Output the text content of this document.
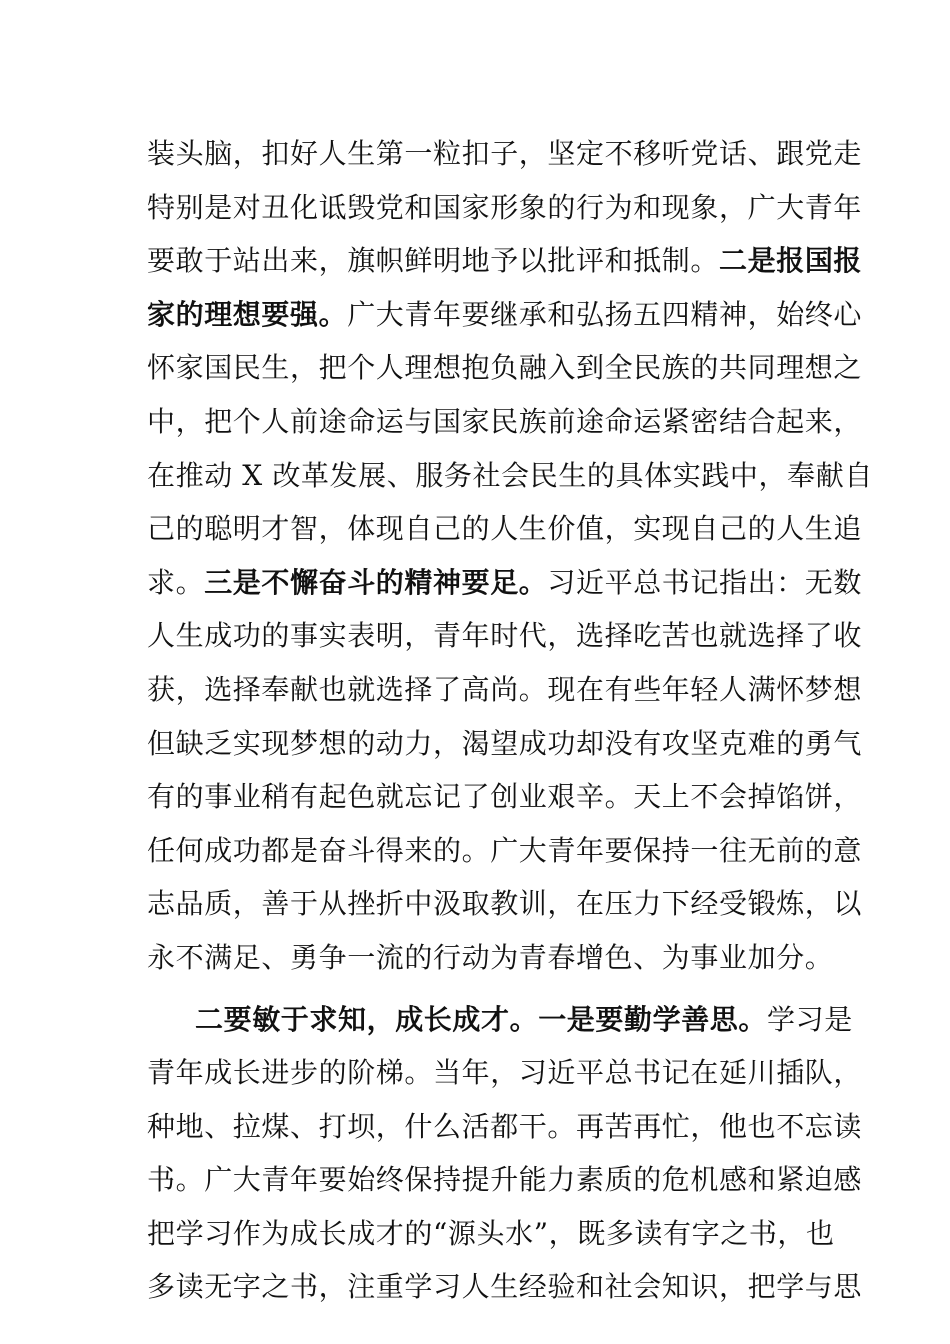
装头脑，扣好人生第一粒扣子，坚定不移听党话、跟党走
特别是对丑化诋毁党和国家形象的行为和现象，广大青年
要敢于站出来，旗帜鲜明地予以批评和抵制。二是报国报
家的理想要强。广大青年要继承和弘扬五四精神，始终心
怀家国民生，把个人理想抱负融入到全民族的共同理想之
中，把个人前途命运与国家民族前途命运紧密结合起来，
在推动 X 改革发展、服务社会民生的具体实践中，奉献自
己的聪明才智，体现自己的人生价值，实现自己的人生追
求。三是不懈奋斗的精神要足。习近平总书记指出：无数
人生成功的事实表明，青年时代，选择吃苦也就选择了收
获，选择奉献也就选择了高尚。现在有些年轻人满怀梦想
但缺乏实现梦想的动力，渴望成功却没有攻坚克难的勇气
有的事业稍有起色就忘记了创业艰辛。天上不会掉馅饼，
任何成功都是奋斗得来的。广大青年要保持一往无前的意
志品质，善于从挫折中汲取教训，在压力下经受锻炼，以
永不满足、勇争一流的行动为青春增色、为事业加分。
二要敏于求知，成长成才。一是要勤学善思。学习是
青年成长进步的阶梯。当年，习近平总书记在延川插队，
种地、拉煤、打坝，什么活都干。再苦再忙，他也不忘读
书。广大青年要始终保持提升能力素质的危机感和紧迫感
把学习作为成长成才的“源头水”，既多读有字之书，也
多读无字之书，注重学习人生经验和社会知识，把学与思
